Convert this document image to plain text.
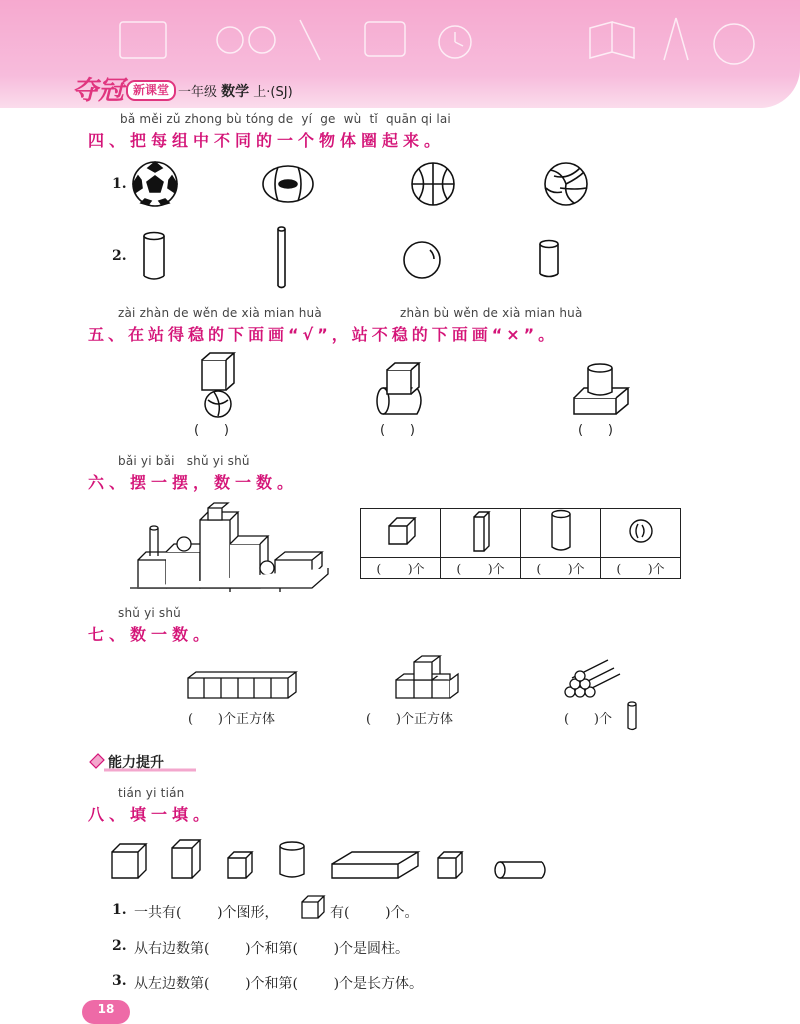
夺冠 新课堂 一年级 数学 上·(SJ)
bǎ měi zǔ zhong bù tóng de  yí  ge  wù  tǐ  quān qi lai
四、把每组中不同的一个物体圈起来。
1.
2.
zài zhàn de wěn de xià mian huà	zhàn bù wěn de xià mian huà
五、在站得稳的下面画“√”，站不稳的下面画“×”。
(      )	(      )	(      )
bǎi yi bǎi   shǔ yi shǔ
六、摆一摆，数一数。

(       )个	(       )个	(       )个	(       )个
shǔ yi shǔ
七、数一数。
(      )个正方体	(      )个正方体	(      )个
能力提升
tián yi tián
八、填一填。
1. 一共有(        )个图形，	有(        )个。
2. 从右边数第(        )个和第(        )个是圆柱。
3. 从左边数第(        )个和第(        )个是长方体。
18
